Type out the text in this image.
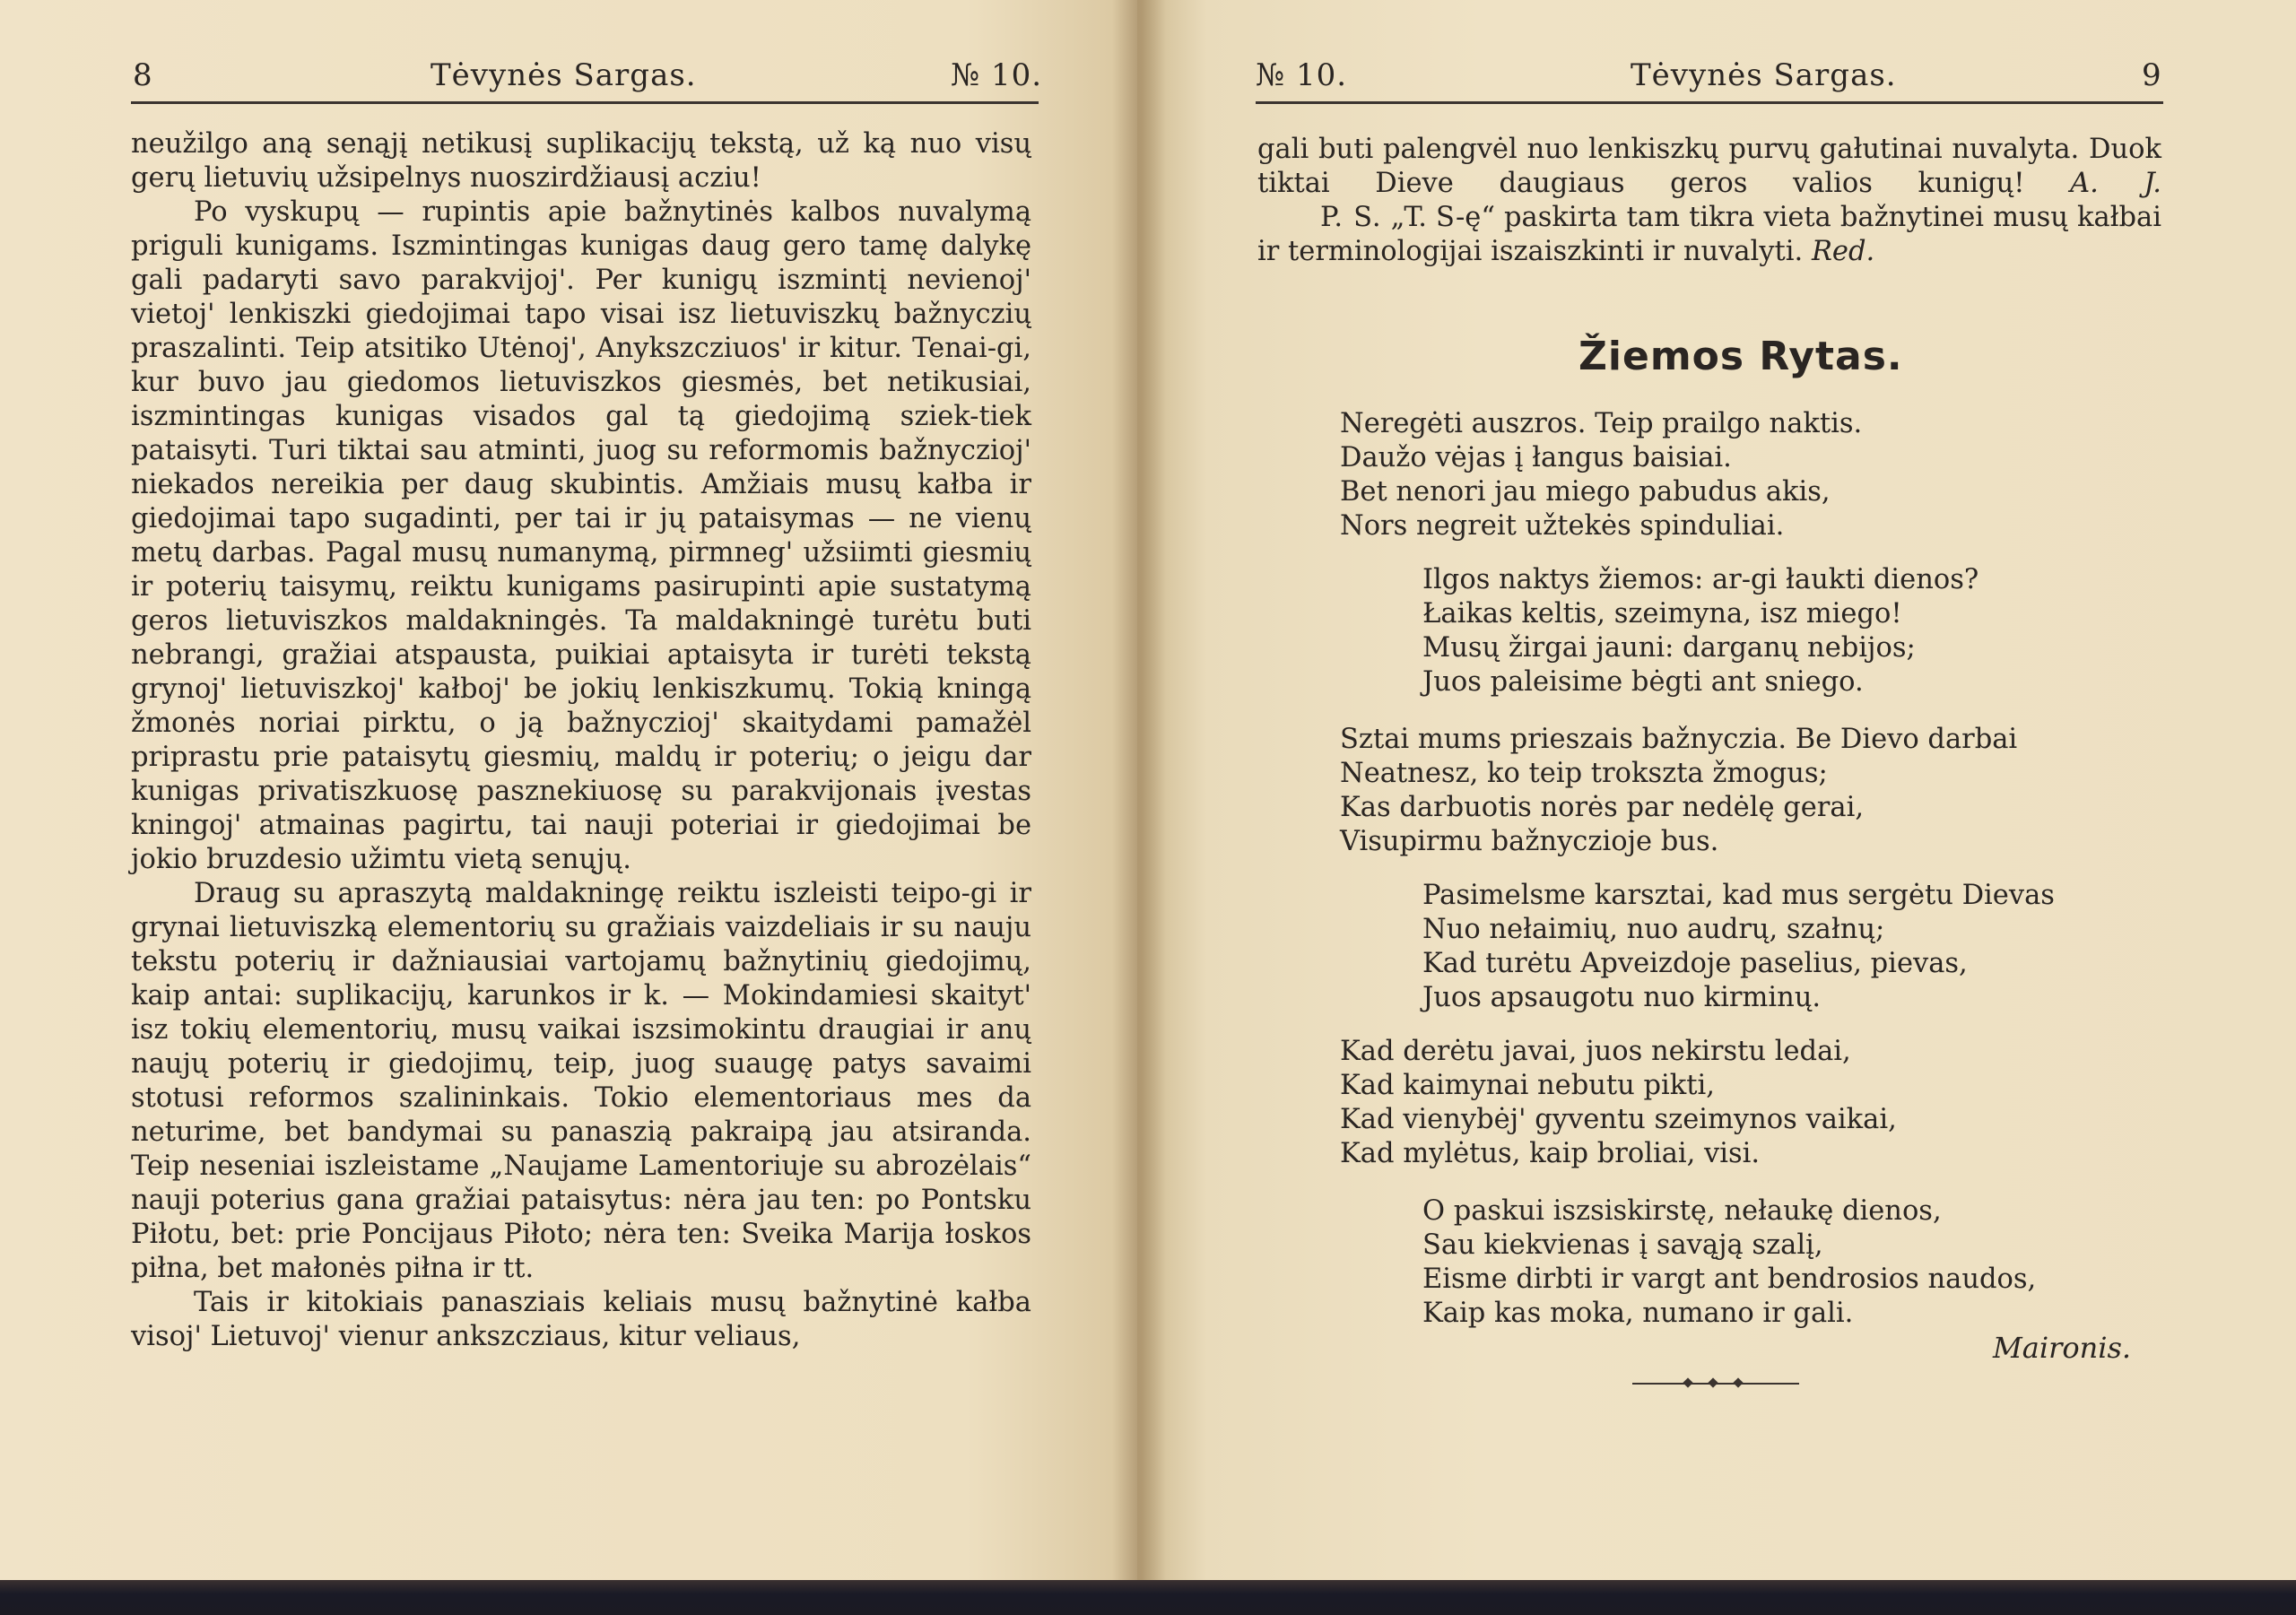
8	Tėvynės Sargas.	№ 10.

neužilgo aną senąjį netikusį suplikacijų tekstą, už ką nuo visų gerų lietuvių užsipelnys nuoszirdžiausį acziu!

Po vyskupų — rupintis apie bažnytinės kalbos nuvalymą priguli kunigams. Iszmintingas kunigas daug gero tamę dalykę gali padaryti savo parakvijoj'. Per kunigų iszmintį nevienoj' vietoj' lenkiszki giedojimai tapo visai isz lietuviszkų bažnyczių praszalinti. Teip atsitiko Utėnoj', Anykszcziuos' ir kitur. Tenai-gi, kur buvo jau giedomos lietuviszkos giesmės, bet netikusiai, iszmintingas kunigas visados gal tą giedojimą sziek-tiek pataisyti. Turi tiktai sau atminti, juog su reformomis bažnyczioj' niekados nereikia per daug skubintis. Amžiais musų kałba ir giedojimai tapo sugadinti, per tai ir jų pataisymas — ne vienų metų darbas. Pagal musų numanymą, pirmneg' užsiimti giesmių ir poterių taisymų, reiktu kunigams pasirupinti apie sustatymą geros lietuviszkos maldakningės. Ta maldakningė turėtu buti nebrangi, gražiai atspausta, puikiai aptaisyta ir turėti tekstą grynoj' lietuviszkoj' kałboj' be jokių lenkiszkumų. Tokią kningą žmonės noriai pirktu, o ją bažnyczioj' skaitydami pamažėl priprastu prie pataisytų giesmių, maldų ir poterių; o jeigu dar kunigas privatiszkuosę pasznekiuosę su parakvijonais įvestas kningoj' atmainas pagirtu, tai nauji poteriai ir giedojimai be jokio bruzdesio užimtu vietą senųjų.

Draug su apraszytą maldakningę reiktu iszleisti teipo-gi ir grynai lietuviszką elementorių su gražiais vaizdeliais ir su nauju tekstu poterių ir dažniausiai vartojamų bažnytinių giedojimų, kaip antai: suplikacijų, karunkos ir k. — Mokindamiesi skaityt' isz tokių elementorių, musų vaikai iszsimokintu draugiai ir anų naujų poterių ir giedojimų, teip, juog suaugę patys savaimi stotusi reformos szalininkais. Tokio elementoriaus mes da neturime, bet bandymai su panaszią pakraipą jau atsiranda. Teip neseniai iszleistame „Naujame Lamentoriuje su abrozėlais“ nauji poterius gana gražiai pataisytus: nėra jau ten: po Pontsku Piłotu, bet: prie Poncijaus Piłoto; nėra ten: Sveika Marija łoskos piłna, bet małonės piłna ir tt.

Tais ir kitokiais panasziais keliais musų bažnytinė kałba visoj' Lietuvoj' vienur ankszcziaus, kitur veliaus,

№ 10.	Tėvynės Sargas.	9

gali buti palengvėl nuo lenkiszkų purvų gałutinai nuvalyta. Duok tiktai Dieve daugiaus geros valios kunigų! A. J.

P. S. „T. S-ę“ paskirta tam tikra vieta bažnytinei musų kałbai ir terminologijai iszaiszkinti ir nuvalyti. Red.

Žiemos Rytas.
Neregėti auszros. Teip prailgo naktis.
Daužo vėjas į łangus baisiai.
Bet nenori jau miego pabudus akis,
Nors negreit užtekės spinduliai.
Ilgos naktys žiemos: ar-gi łaukti dienos?
Łaikas keltis, szeimyna, isz miego!
Musų žirgai jauni: darganų nebijos;
Juos paleisime bėgti ant sniego.
Sztai mums prieszais bažnyczia. Be Dievo darbai
Neatnesz, ko teip trokszta žmogus;
Kas darbuotis norės par nedėlę gerai,
Visupirmu bažnyczioje bus.
Pasimelsme karsztai, kad mus sergėtu Dievas
Nuo nełaimių, nuo audrų, szałnų;
Kad turėtu Apveizdoje paselius, pievas,
Juos apsaugotu nuo kirminų.
Kad derėtu javai, juos nekirstu ledai,
Kad kaimynai nebutu pikti,
Kad vienybėj' gyventu szeimynos vaikai,
Kad mylėtus, kaip broliai, visi.
O paskui iszsiskirstę, nełaukę dienos,
Sau kiekvienas į savąją szalį,
Eisme dirbti ir vargt ant bendrosios naudos,
Kaip kas moka, numano ir gali.
Maironis.
